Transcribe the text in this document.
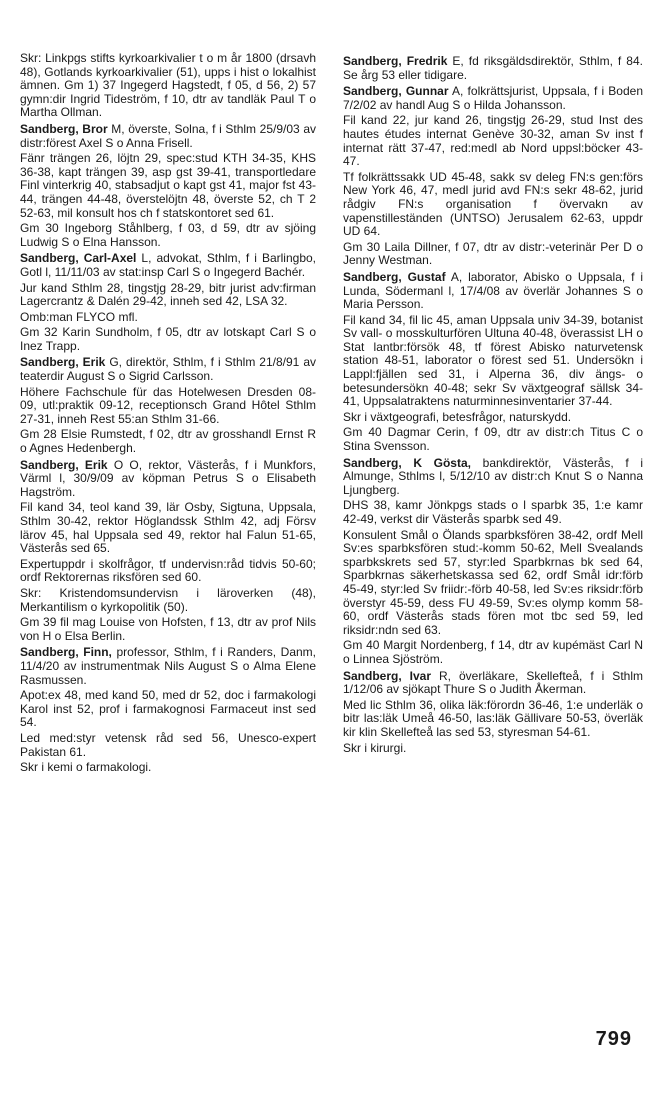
Skr: Linkpgs stifts kyrkoarkivalier t o m år 1800 (drsavh 48), Gotlands kyrkoarkivalier (51), upps i hist o lokalhist ämnen. Gm 1) 37 Ingegerd Hagstedt, f 05, d 56, 2) 57 gymn:dir Ingrid Tideström, f 10, dtr av tandläk Paul T o Martha Ollman.

Sandberg, Bror M, överste, Solna, f i Sthlm 25/9/03 av distr:förest Axel S o Anna Frisell.

Fänr trängen 26, löjtn 29, spec:stud KTH 34-35, KHS 36-38, kapt trängen 39, asp gst 39-41, transportledare Finl vinterkrig 40, stabsadjut o kapt gst 41, major fst 43-44, trängen 44-48, överstelöjtn 48, överste 52, ch T 2 52-63, mil konsult hos ch f statskontoret sed 61.

Gm 30 Ingeborg Ståhlberg, f 03, d 59, dtr av sjöing Ludwig S o Elna Hansson.

Sandberg, Carl-Axel L, advokat, Sthlm, f i Barlingbo, Gotl l, 11/11/03 av stat:insp Carl S o Ingegerd Bachér.

Jur kand Sthlm 28, tingstjg 28-29, bitr jurist adv:firman Lagercrantz & Dalén 29-42, inneh sed 42, LSA 32.

Omb:man FLYCO mfl.

Gm 32 Karin Sundholm, f 05, dtr av lotskapt Carl S o Inez Trapp.

Sandberg, Erik G, direktör, Sthlm, f i Sthlm 21/8/91 av teaterdir August S o Sigrid Carlsson.

Höhere Fachschule für das Hotelwesen Dresden 08-09, utl:praktik 09-12, receptionsch Grand Hôtel Sthlm 27-31, inneh Rest 55:an Sthlm 31-66.

Gm 28 Elsie Rumstedt, f 02, dtr av grosshandl Ernst R o Agnes Hedenbergh.

Sandberg, Erik O O, rektor, Västerås, f i Munkfors, Värml l, 30/9/09 av köpman Petrus S o Elisabeth Hagström.

Fil kand 34, teol kand 39, lär Osby, Sigtuna, Uppsala, Sthlm 30-42, rektor Höglandssk Sthlm 42, adj Försv lärov 45, hal Uppsala sed 49, rektor hal Falun 51-65, Västerås sed 65.

Expertuppdr i skolfrågor, tf undervisn:råd tidvis 50-60; ordf Rektorernas riksfören sed 60.

Skr: Kristendomsundervisn i läroverken (48), Merkantilism o kyrkopolitik (50).

Gm 39 fil mag Louise von Hofsten, f 13, dtr av prof Nils von H o Elsa Berlin.

Sandberg, Finn, professor, Sthlm, f i Randers, Danm, 11/4/20 av instrumentmak Nils August S o Alma Elene Rasmussen.

Apot:ex 48, med kand 50, med dr 52, doc i farmakologi Karol inst 52, prof i farmakognosi Farmaceut inst sed 54.

Led med:styr vetensk råd sed 56, Unesco-expert Pakistan 61.

Skr i kemi o farmakologi.

Sandberg, Fredrik E, fd riksgäldsdirektör, Sthlm, f 84. Se årg 53 eller tidigare.

Sandberg, Gunnar A, folkrättsjurist, Uppsala, f i Boden 7/2/02 av handl Aug S o Hilda Johansson.

Fil kand 22, jur kand 26, tingstjg 26-29, stud Inst des hautes études internat Genève 30-32, aman Sv inst f internat rätt 37-47, red:medl ab Nord uppsl:böcker 43-47.

Tf folkrättssakk UD 45-48, sakk sv deleg FN:s gen:förs New York 46, 47, medl jurid avd FN:s sekr 48-62, jurid rådgiv FN:s organisation f övervakn av vapenstilleständen (UNTSO) Jerusalem 62-63, uppdr UD 64.

Gm 30 Laila Dillner, f 07, dtr av distr:-veterinär Per D o Jenny Westman.

Sandberg, Gustaf A, laborator, Abisko o Uppsala, f i Lunda, Södermanl l, 17/4/08 av överlär Johannes S o Maria Persson.

Fil kand 34, fil lic 45, aman Uppsala univ 34-39, botanist Sv vall- o mosskulturfören Ultuna 40-48, överassist LH o Stat lantbr:försök 48, tf förest Abisko naturvetensk station 48-51, laborator o förest sed 51. Undersökn i Lappl:fjällen sed 31, i Alperna 36, div ängs- o betesundersökn 40-48; sekr Sv växtgeograf sällsk 34-41, Uppsalatraktens naturminnesinventarier 37-44.

Skr i växtgeografi, betesfrågor, naturskydd.

Gm 40 Dagmar Cerin, f 09, dtr av distr:ch Titus C o Stina Svensson.

Sandberg, K Gösta, bankdirektör, Västerås, f i Almunge, Sthlms l, 5/12/10 av distr:ch Knut S o Nanna Ljungberg.

DHS 38, kamr Jönkpgs stads o l sparbk 35, 1:e kamr 42-49, verkst dir Västerås sparbk sed 49.

Konsulent Smål o Ölands sparbksfören 38-42, ordf Mell Sv:es sparbksfören stud:-komm 50-62, Mell Svealands sparbkskrets sed 57, styr:led Sparbkrnas bk sed 64, Sparbkrnas säkerhetskassa sed 62, ordf Smål idr:förb 45-49, styr:led Sv friidr:-förb 40-58, led Sv:es riksidr:förb överstyr 45-59, dess FU 49-59, Sv:es olymp komm 58-60, ordf Västerås stads fören mot tbc sed 59, led riksidr:ndn sed 63.

Gm 40 Margit Nordenberg, f 14, dtr av kupémäst Carl N o Linnea Sjöström.

Sandberg, Ivar R, överläkare, Skellefteå, f i Sthlm 1/12/06 av sjökapt Thure S o Judith Åkerman.

Med lic Sthlm 36, olika läk:förordn 36-46, 1:e underläk o bitr las:läk Umeå 46-50, las:läk Gällivare 50-53, överläk kir klin Skellefteå las sed 53, styresman 54-61.

Skr i kirurgi.

799
